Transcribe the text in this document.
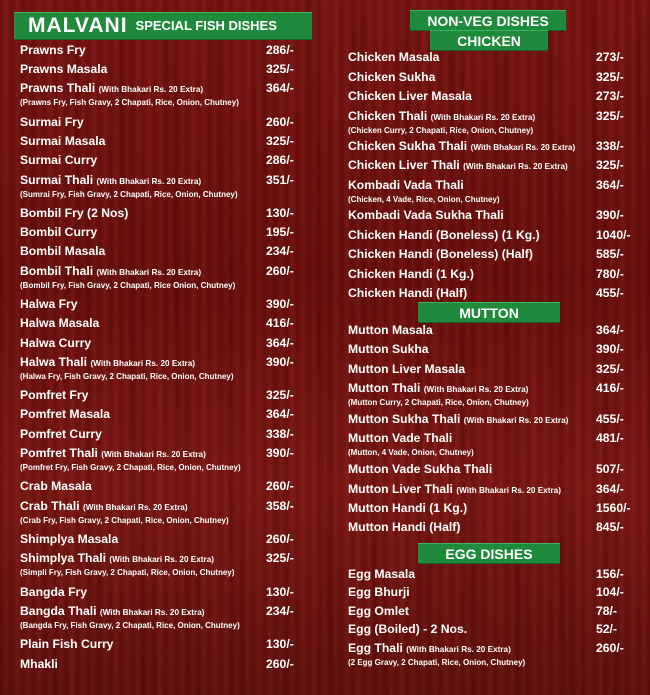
MALVANI SPECIAL FISH DISHES
Prawns Fry	286/-
Prawns Masala	325/-
Prawns Thali (With Bhakari Rs. 20 Extra)	364/-
(Prawns Fry, Fish Gravy, 2 Chapati, Rice, Onion, Chutney)
Surmai Fry	260/-
Surmai Masala	325/-
Surmai Curry	286/-
Surmai Thali (With Bhakari Rs. 20 Extra)	351/-
(Sumrai Fry, Fish Gravy, 2 Chapati, Rice, Onion, Chutney)
Bombil Fry (2 Nos)	130/-
Bombil Curry	195/-
Bombil Masala	234/-
Bombil Thali (With Bhakari Rs. 20 Extra)	260/-
(Bombil Fry, Fish Gravy, 2 Chapati, Rice Onion, Chutney)
Halwa Fry	390/-
Halwa Masala	416/-
Halwa Curry	364/-
Halwa Thali (With Bhakari Rs. 20 Extra)	390/-
(Halwa Fry, Fish Gravy, 2 Chapati, Rice, Onion, Chutney)
Pomfret Fry	325/-
Pomfret Masala	364/-
Pomfret Curry	338/-
Pomfret Thali (With Bhakari Rs. 20 Extra)	390/-
(Pomfret Fry, Fish Gravy, 2 Chapati, Rice, Onion, Chutney)
Crab Masala	260/-
Crab Thali (With Bhakari Rs. 20 Extra)	358/-
(Crab Fry, Fish Gravy, 2 Chapati, Rice, Onion, Chutney)
Shimplya Masala	260/-
Shimplya Thali (With Bhakari Rs. 20 Extra)	325/-
(Simpli Fry, Fish Gravy, 2 Chapati, Rice, Onion, Chutney)
Bangda Fry	130/-
Bangda Thali (With Bhakari Rs. 20 Extra)	234/-
(Bangda Fry, Fish Gravy, 2 Chapati, Rice, Onion, Chutney)
Plain Fish Curry	130/-
Mhakli	260/-
NON-VEG DISHES
CHICKEN
Chicken Masala	273/-
Chicken Sukha	325/-
Chicken Liver Masala	273/-
Chicken Thali (With Bhakari Rs. 20 Extra)	325/-
(Chicken Curry, 2 Chapati, Rice, Onion, Chutney)
Chicken Sukha Thali (With Bhakari Rs. 20 Extra) 338/-
Chicken Liver Thali (With Bhakari Rs. 20 Extra) 325/-
Kombadi Vada Thali	364/-
(Chicken, 4 Vade, Rice, Onion, Chutney)
Kombadi Vada Sukha Thali	390/-
Chicken Handi (Boneless) (1 Kg.)	1040/-
Chicken Handi (Boneless) (Half)	585/-
Chicken Handi (1 Kg.)	780/-
Chicken Handi (Half)	455/-
MUTTON
Mutton Masala	364/-
Mutton Sukha	390/-
Mutton Liver Masala	325/-
Mutton Thali (With Bhakari Rs. 20 Extra)	416/-
(Mutton Curry, 2 Chapati, Rice, Onion, Chutney)
Mutton Sukha Thali (With Bhakari Rs. 20 Extra) 455/-
Mutton Vade Thali	481/-
(Mutton, 4 Vade, Onion, Chutney)
Mutton Vade Sukha Thali	507/-
Mutton Liver Thali (With Bhakari Rs. 20 Extra)	364/-
Mutton Handi (1 Kg.)	1560/-
Mutton Handi (Half)	845/-
EGG DISHES
Egg Masala	156/-
Egg Bhurji	104/-
Egg Omlet	78/-
Egg (Boiled) - 2 Nos.	52/-
Egg Thali (With Bhakari Rs. 20 Extra)	260/-
(2 Egg Gravy, 2 Chapati, Rice, Onion, Chutney)
